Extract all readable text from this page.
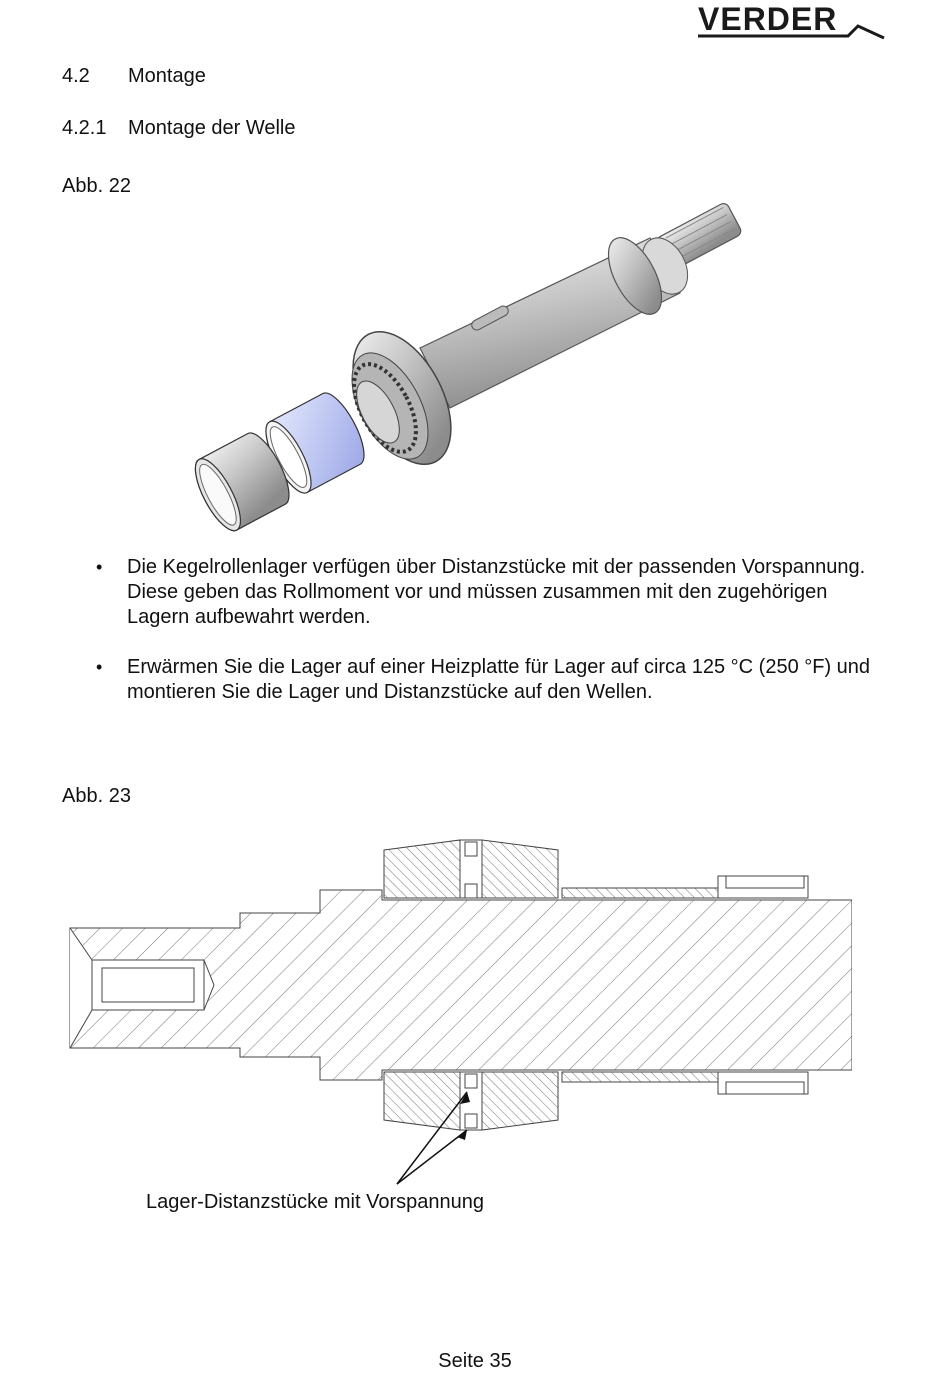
VERDER
4.2 Montage
4.2.1 Montage der Welle
Abb. 22
•	Die Kegelrollenlager verfügen über Distanzstücke mit der passenden Vorspannung. Diese geben das Rollmoment vor und müssen zusammen mit den zugehörigen Lagern aufbewahrt werden.
•	Erwärmen Sie die Lager auf einer Heizplatte für Lager auf circa 125 °C (250 °F) und montieren Sie die Lager und Distanzstücke auf den Wellen.
Abb. 23
Lager-Distanzstücke mit Vorspannung
Seite 35
